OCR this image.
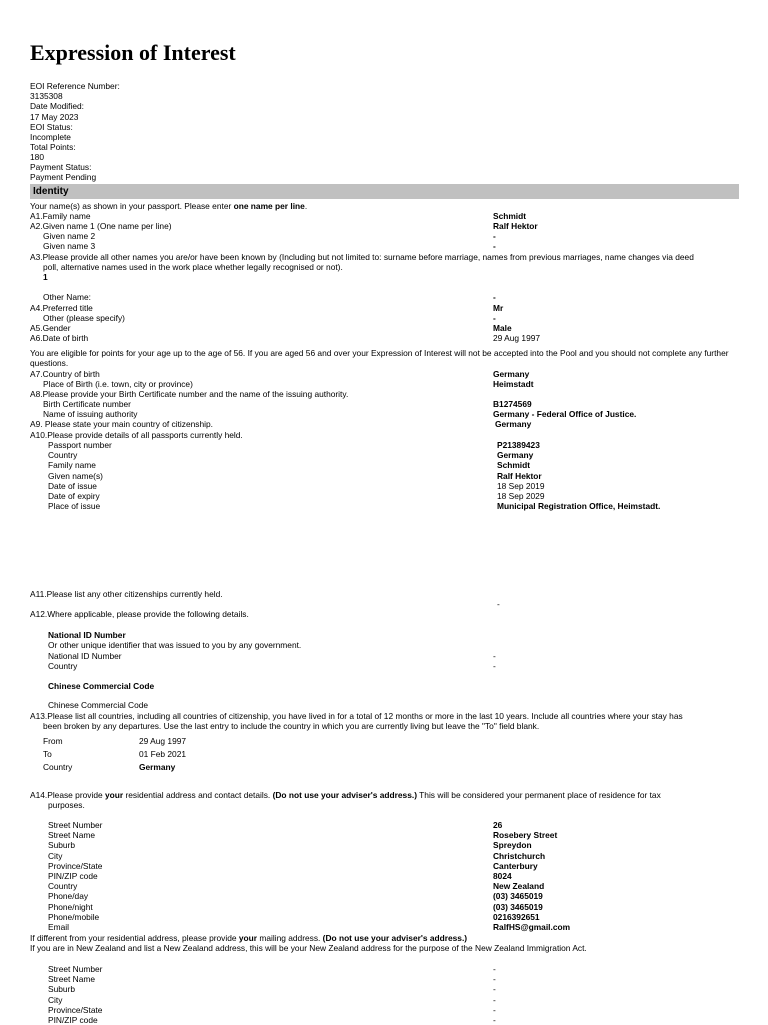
Expression of Interest
EOI Reference Number:
3135308
Date Modified:
17 May 2023
EOI Status:
Incomplete
Total Points:
180
Payment Status:
Payment Pending
Identity
Your name(s) as shown in your passport. Please enter one name per line.
A1.Family name	Schmidt
A2.Given name 1 (One name per line)	Ralf Hektor
Given name 2	-
Given name 3	-
A3.Please provide all other names you are/or have been known by (Including but not limited to: surname before marriage, names from previous marriages, name changes via deed
poll, alternative names used in the work place whether legally recognised or not).
1
Other Name:	-
A4.Preferred title	Mr
Other (please specify)	-
A5.Gender	Male
A6.Date of birth	29 Aug 1997
You are eligible for points for your age up to the age of 56. If you are aged 56 and over your Expression of Interest will not be accepted into the Pool and you should not complete any further questions.
A7.Country of birth	Germany
Place of Birth (i.e. town, city or province)	Heimstadt
A8.Please provide your Birth Certificate number and the name of the issuing authority.
Birth Certificate number	B1274569
Name of issuing authority	Germany - Federal Office of Justice.
A9. Please state your main country of citizenship.	Germany
A10.Please provide details of all passports currently held.
Passport number	P21389423
Country	Germany
Family name	Schmidt
Given name(s)	Ralf Hektor
Date of issue	18 Sep 2019
Date of expiry	18 Sep 2029
Place of issue	Municipal Registration Office, Heimstadt.
A11.Please list any other citizenships currently held.
-
A12.Where applicable, please provide the following details.
National ID Number
Or other unique identifier that was issued to you by any government.
National ID Number	-
Country	-
Chinese Commercial Code
Chinese Commercial Code
A13.Please list all countries, including all countries of citizenship, you have lived in for a total of 12 months or more in the last 10 years. Include all countries where your stay has
been broken by any departures. Use the last entry to include the country in which you are currently living but leave the "To" field blank.
From	29 Aug 1997
To	01 Feb 2021
Country	Germany
A14.Please provide your residential address and contact details. (Do not use your adviser's address.) This will be considered your permanent place of residence for tax
purposes.
Street Number	26
Street Name	Rosebery Street
Suburb	Spreydon
City	Christchurch
Province/State	Canterbury
PIN/ZIP code	8024
Country	New Zealand
Phone/day	(03) 3465019
Phone/night	(03) 3465019
Phone/mobile	0216392651
Email	RalfHS@gmail.com
If different from your residential address, please provide your mailing address. (Do not use your adviser's address.)
If you are in New Zealand and list a New Zealand address, this will be your New Zealand address for the purpose of the New Zealand Immigration Act.
Street Number	-
Street Name	-
Suburb	-
City	-
Province/State	-
PIN/ZIP code	-
